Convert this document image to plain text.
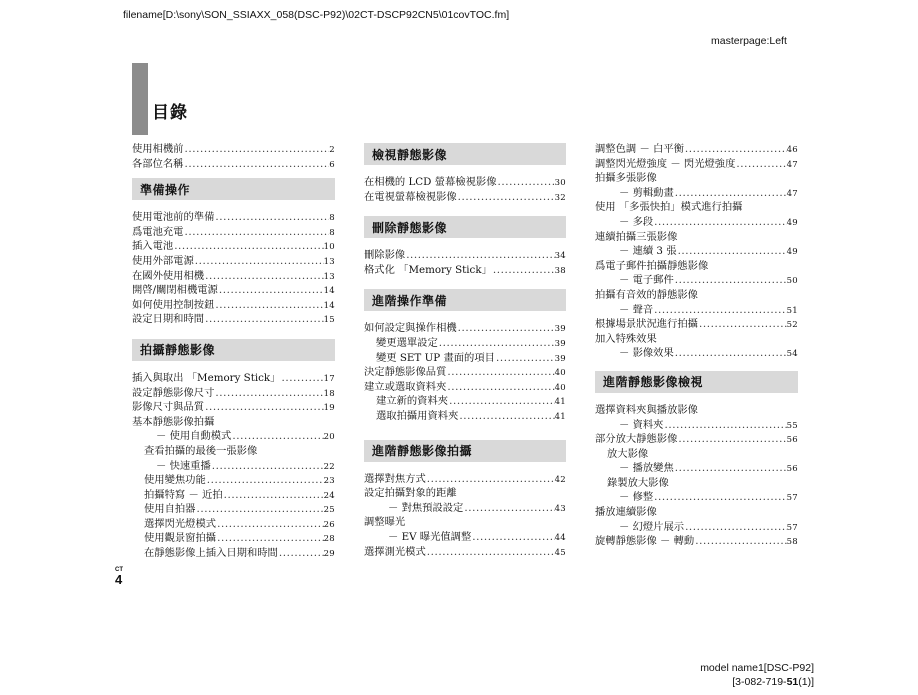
filename[D:\sony\SON_SSIAXX_058(DSC-P92)\02CT-DSCP92CN5\01covTOC.fm]
masterpage:Left
目錄
使用相機前 .....	2
各部位名稱 .....	6
準備操作
使用電池前的準備 .....	8
爲電池充電 .....	8
插入電池 .....	10
使用外部電源 .....	13
在國外使用相機 .....	13
開啓/關閉相機電源 .....	14
如何使用控制按鈕 .....	14
設定日期和時間 .....	15
拍攝靜態影像
插入與取出 「Memory Stick」 .....	17
設定靜態影像尺寸 .....	18
影像尺寸與品質 .....	19
基本靜態影像拍攝
－ 使用自動模式 .....	20
查看拍攝的最後一張影像
－ 快速重播 .....	22
使用變焦功能 .....	23
拍攝特寫 － 近拍 .....	24
使用自拍器 .....	25
選擇閃光燈模式 .....	26
使用觀景窗拍攝 .....	28
在靜態影像上插入日期和時間 .....	29
檢視靜態影像
在相機的 LCD 螢幕檢視影像 .....	30
在電視螢幕檢視影像 .....	32
刪除靜態影像
刪除影像 .....	34
格式化 「Memory Stick」 .....	38
進階操作準備
如何設定與操作相機 .....	39
變更選單設定 .....	39
變更 SET UP 畫面的項目 .....	39
決定靜態影像品質 .....	40
建立或選取資料夾 .....	40
建立新的資料夾 .....	41
選取拍攝用資料夾 .....	41
進階靜態影像拍攝
選擇對焦方式 .....	42
設定拍攝對象的距離
－ 對焦預設設定 .....	43
調整曝光
－ EV 曝光值調整 .....	44
選擇測光模式 .....	45
調整色調 － 白平衡 .....	46
調整閃光燈強度 － 閃光燈強度 .....	47
拍攝多張影像
－ 剪輯動畫 .....	47
使用 「多張快拍」模式進行拍攝
－ 多段 .....	49
連續拍攝三張影像
－ 連續 3 張 .....	49
爲電子郵件拍攝靜態影像
－ 電子郵件 .....	50
拍攝有音效的靜態影像
－ 聲音 .....	51
根據場景狀況進行拍攝 .....	52
加入特殊效果
－ 影像效果 .....	54
進階靜態影像檢視
選擇資料夾與播放影像
－ 資料夾 .....	55
部分放大靜態影像 .....	56
放大影像
－ 播放變焦 .....	56
錄製放大影像
－ 修整 .....	57
播放連續影像
－ 幻燈片展示 .....	57
旋轉靜態影像 － 轉動 .....	58
CT
4
model name1[DSC-P92]
[3-082-719-51(1)]
